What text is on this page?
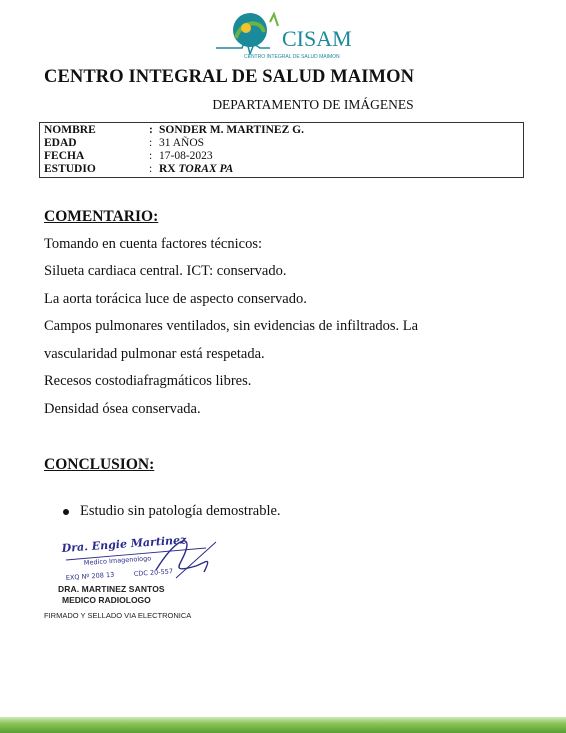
CISAM
CENTRO INTEGRAL DE SALUD MAIMON
CENTRO INTEGRAL DE SALUD MAIMON
DEPARTAMENTO DE IMÁGENES
NOMBRE	: SONDER M. MARTINEZ G.
EDAD	: 31 AÑOS
FECHA	: 17-08-2023
ESTUDIO	: RX
TORAX PA
COMENTARIO:
Tomando en cuenta factores técnicos:
Silueta cardiaca central. ICT: conservado.
La aorta torácica luce de aspecto conservado.
Campos pulmonares ventilados, sin evidencias de infiltrados. La
vascularidad pulmonar está respetada.
Recesos costodiafragmáticos libres.
Densidad ósea conservada.
CONCLUSION:
Estudio sin patología demostrable.
Dra. Engie Martinez
Medico Imagenologo
EXQ Nº 208 13	CDC 20-557
DRA. MARTINEZ SANTOS
MEDICO RADIOLOGO
FIRMADO Y SELLADO VIA ELECTRONICA
